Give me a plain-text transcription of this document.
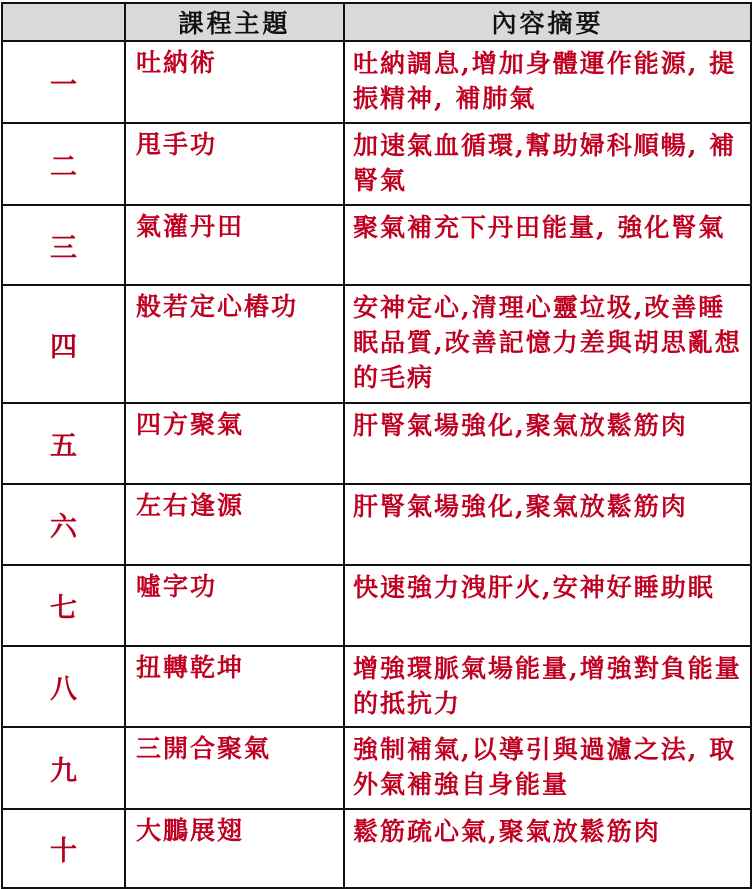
	課程主題	內容摘要
一	吐納術	吐納調息,增加身體運作能源, 提振精神, 補肺氣
二	甩手功	加速氣血循環,幫助婦科順暢, 補腎氣
三	氣灌丹田	聚氣補充下丹田能量, 強化腎氣
四	般若定心樁功	安神定心,清理心靈垃圾,改善睡眠品質,改善記憶力差與胡思亂想的毛病
五	四方聚氣	肝腎氣場強化,聚氣放鬆筋肉
六	左右逢源	肝腎氣場強化,聚氣放鬆筋肉
七	噓字功	快速強力洩肝火,安神好睡助眠
八	扭轉乾坤	增強環脈氣場能量,增強對負能量的抵抗力
九	三開合聚氣	強制補氣,以導引與過濾之法, 取外氣補強自身能量
十	大鵬展翅	鬆筋疏心氣,聚氣放鬆筋肉
